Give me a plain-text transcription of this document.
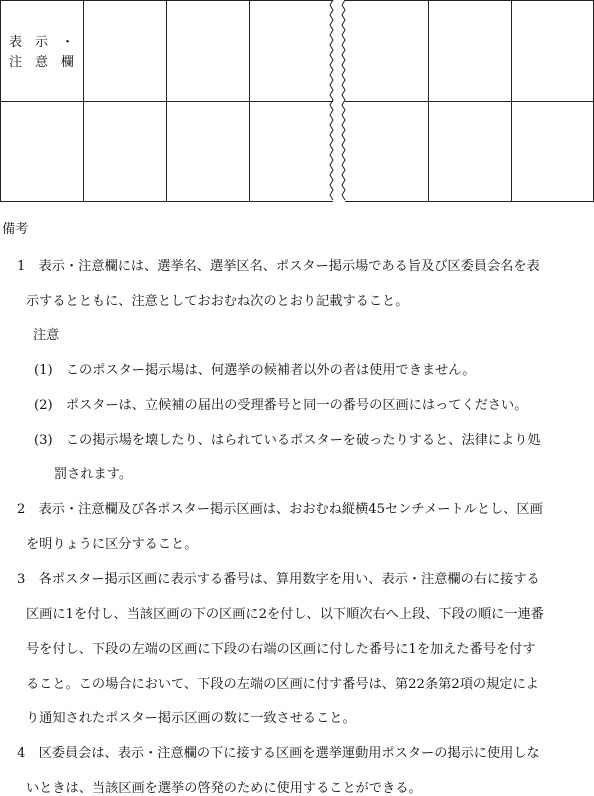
表　示　・
注　意　欄
備考
1　表示・注意欄には、選挙名、選挙区名、ポスター掲示場である旨及び区委員会名を表
示するとともに、注意としておおむね次のとおり記載すること。
注意
(1)　このポスター掲示場は、何選挙の候補者以外の者は使用できません。
(2)　ポスターは、立候補の届出の受理番号と同一の番号の区画にはってください。
(3)　この掲示場を壊したり、はられているポスターを破ったりすると、法律により処
罰されます。
2　表示・注意欄及び各ポスター掲示区画は、おおむね縦横45センチメートルとし、区画
を明りょうに区分すること。
3　各ポスター掲示区画に表示する番号は、算用数字を用い、表示・注意欄の右に接する
区画に1を付し、当該区画の下の区画に2を付し、以下順次右へ上段、下段の順に一連番
号を付し、下段の左端の区画に下段の右端の区画に付した番号に1を加えた番号を付す
ること。この場合において、下段の左端の区画に付す番号は、第22条第2項の規定によ
り通知されたポスター掲示区画の数に一致させること。
4　区委員会は、表示・注意欄の下に接する区画を選挙運動用ポスターの掲示に使用しな
いときは、当該区画を選挙の啓発のために使用することができる。
